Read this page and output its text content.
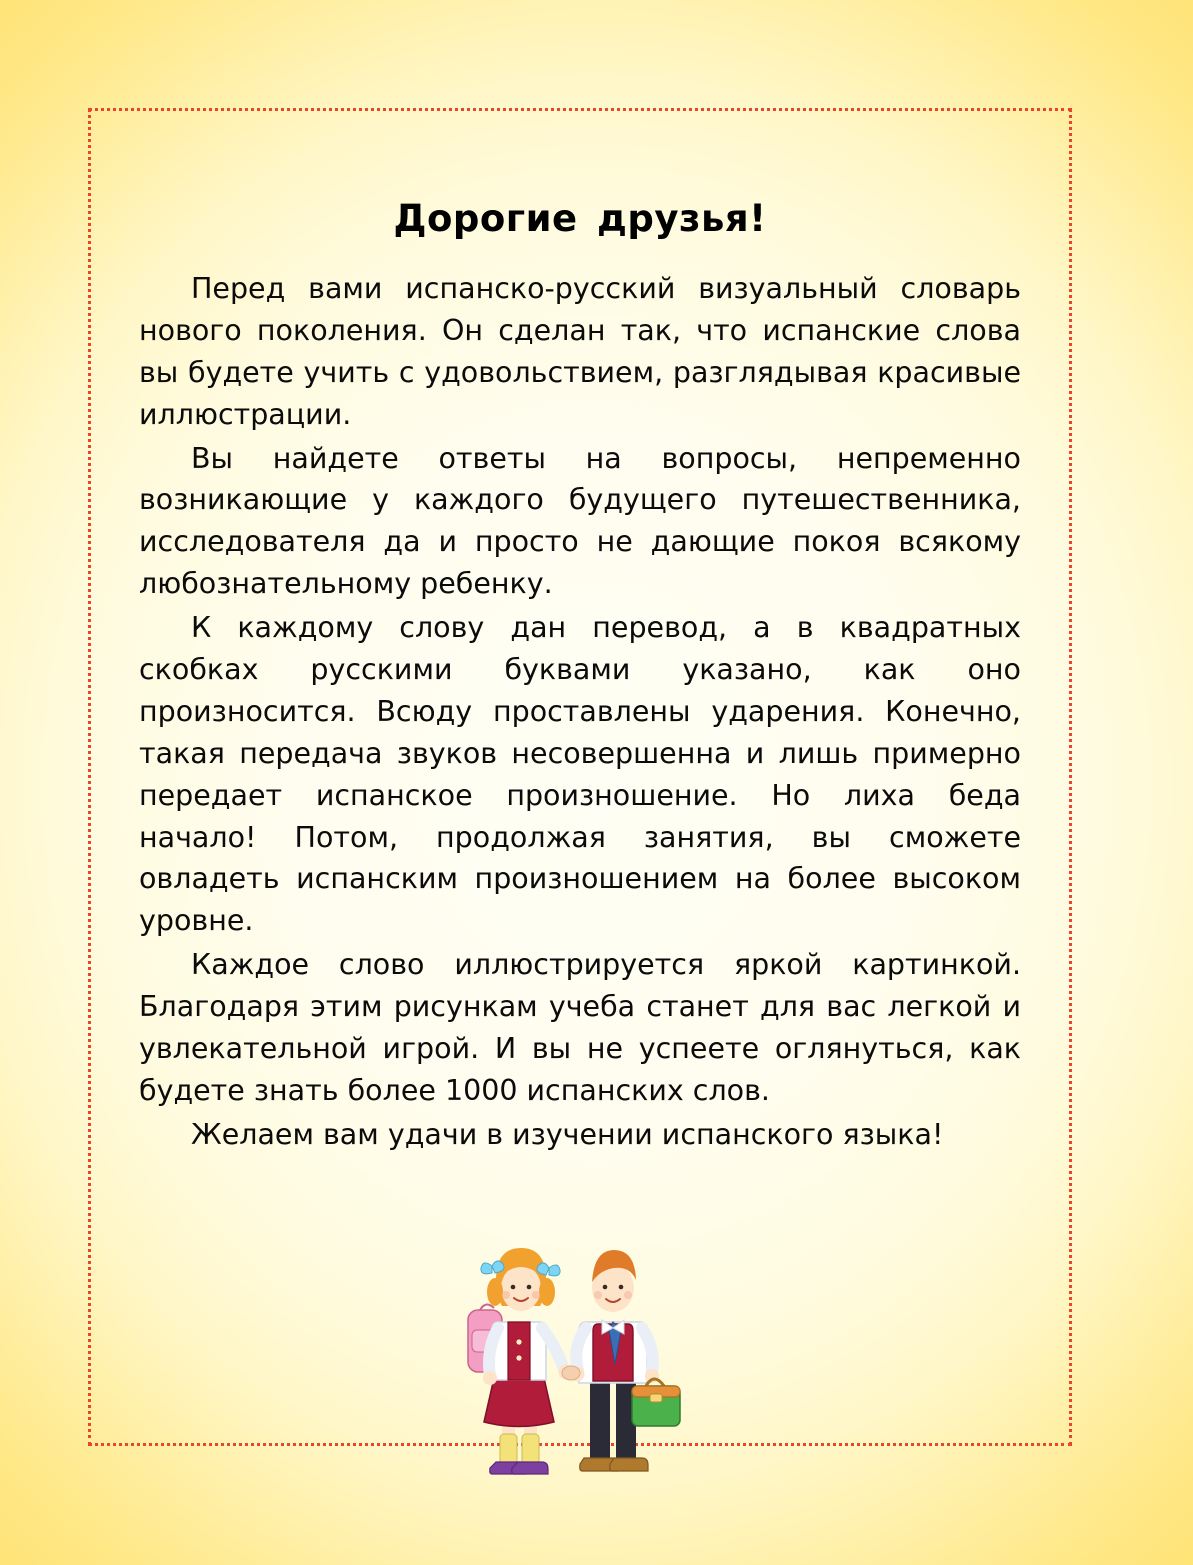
Дорогие друзья!

Перед вами испанско-русский визуальный словарь нового поколения. Он сделан так, что испанские слова вы будете учить с удовольствием, разглядывая красивые иллюстрации.

Вы найдете ответы на вопросы, непременно возникающие у каждого будущего путешественника, исследователя да и просто не дающие покоя всякому любознательному ребенку.

К каждому слову дан перевод, а в квадратных скобках русскими буквами указано, как оно произносится. Всюду проставлены ударения. Конечно, такая передача звуков несовершенна и лишь примерно передает испанское произношение. Но лиха беда начало! Потом, продолжая занятия, вы сможете овладеть испанским произношением на более высоком уровне.

Каждое слово иллюстрируется яркой картинкой. Благодаря этим рисункам учеба станет для вас легкой и увлекательной игрой. И вы не успеете оглянуться, как будете знать более 1000 испанских слов.

Желаем вам удачи в изучении испанского языка!
